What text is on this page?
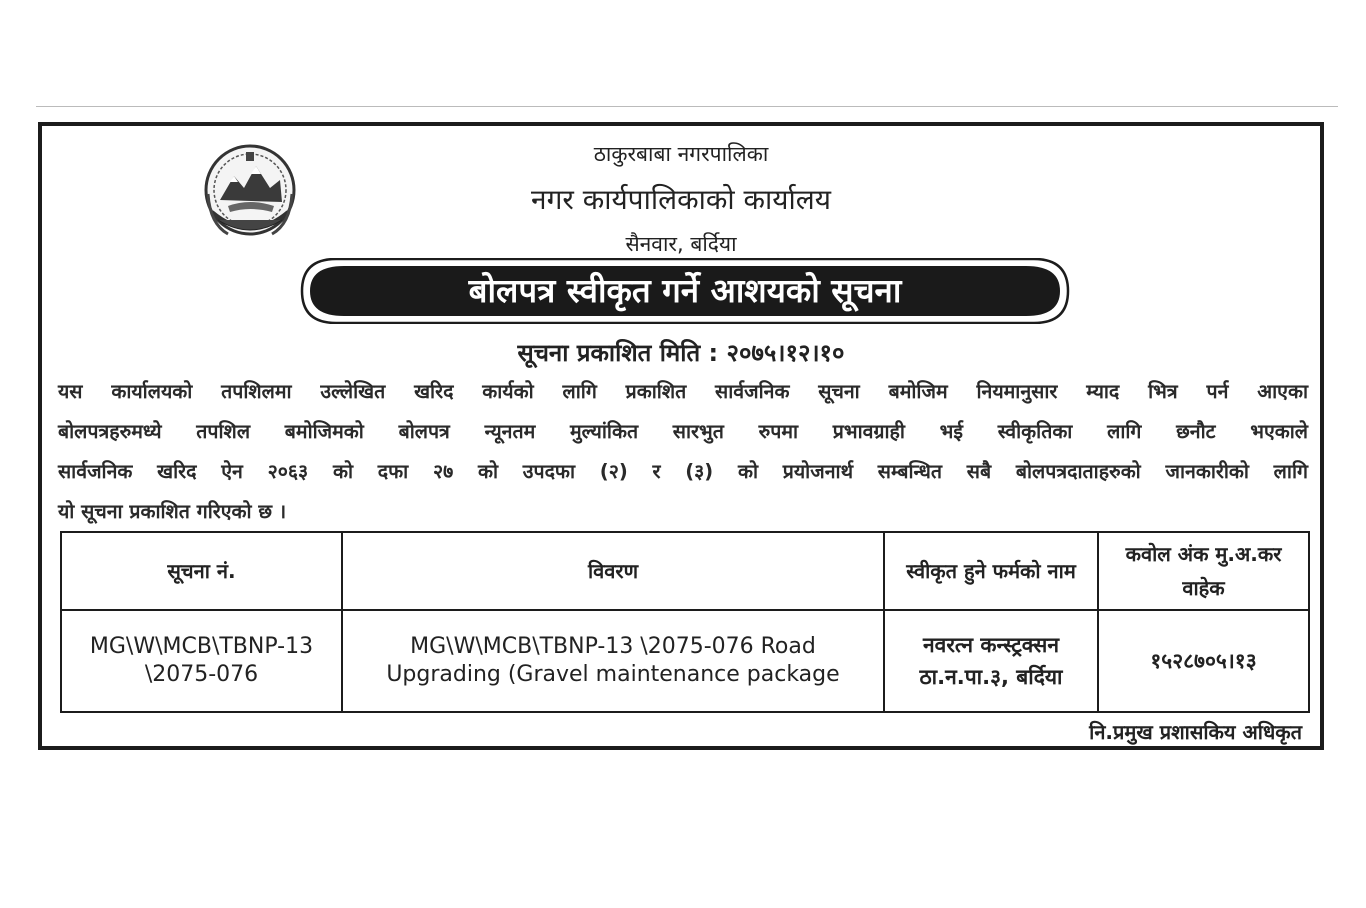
ठाकुरबाबा नगरपालिका
नगर कार्यपालिकाको कार्यालय
सैनवार, बर्दिया
बोलपत्र स्वीकृत गर्ने आशयको सूचना
सूचना प्रकाशित मिति : २०७५।१२।१०
यस कार्यालयको तपशिलमा उल्लेखित खरिद कार्यको लागि प्रकाशित सार्वजनिक सूचना बमोजिम नियमानुसार म्याद भित्र पर्न आएका
बोलपत्रहरुमध्ये तपशिल बमोजिमको बोलपत्र न्यूनतम मुल्यांकित सारभुत रुपमा प्रभावग्राही भई स्वीकृतिका लागि छनौट भएकाले
सार्वजनिक खरिद ऐन २०६३ को दफा २७ को उपदफा (२) र (३) को प्रयोजनार्थ सम्बन्धित सबै बोलपत्रदाताहरुको जानकारीको लागि
यो सूचना प्रकाशित गरिएको छ ।
सूचना नं.	विवरण	स्वीकृत हुने फर्मको नाम	कवोल अंक मु.अ.कर वाहेक
MG\W\MCB\TBNP-13 \2075-076	MG\W\MCB\TBNP-13 \2075-076 Road Upgrading (Gravel maintenance package	नवरत्न कन्स्ट्रक्सन ठा.न.पा.३, बर्दिया	१५२८७०५।१३
नि.प्रमुख प्रशासकिय अधिकृत
